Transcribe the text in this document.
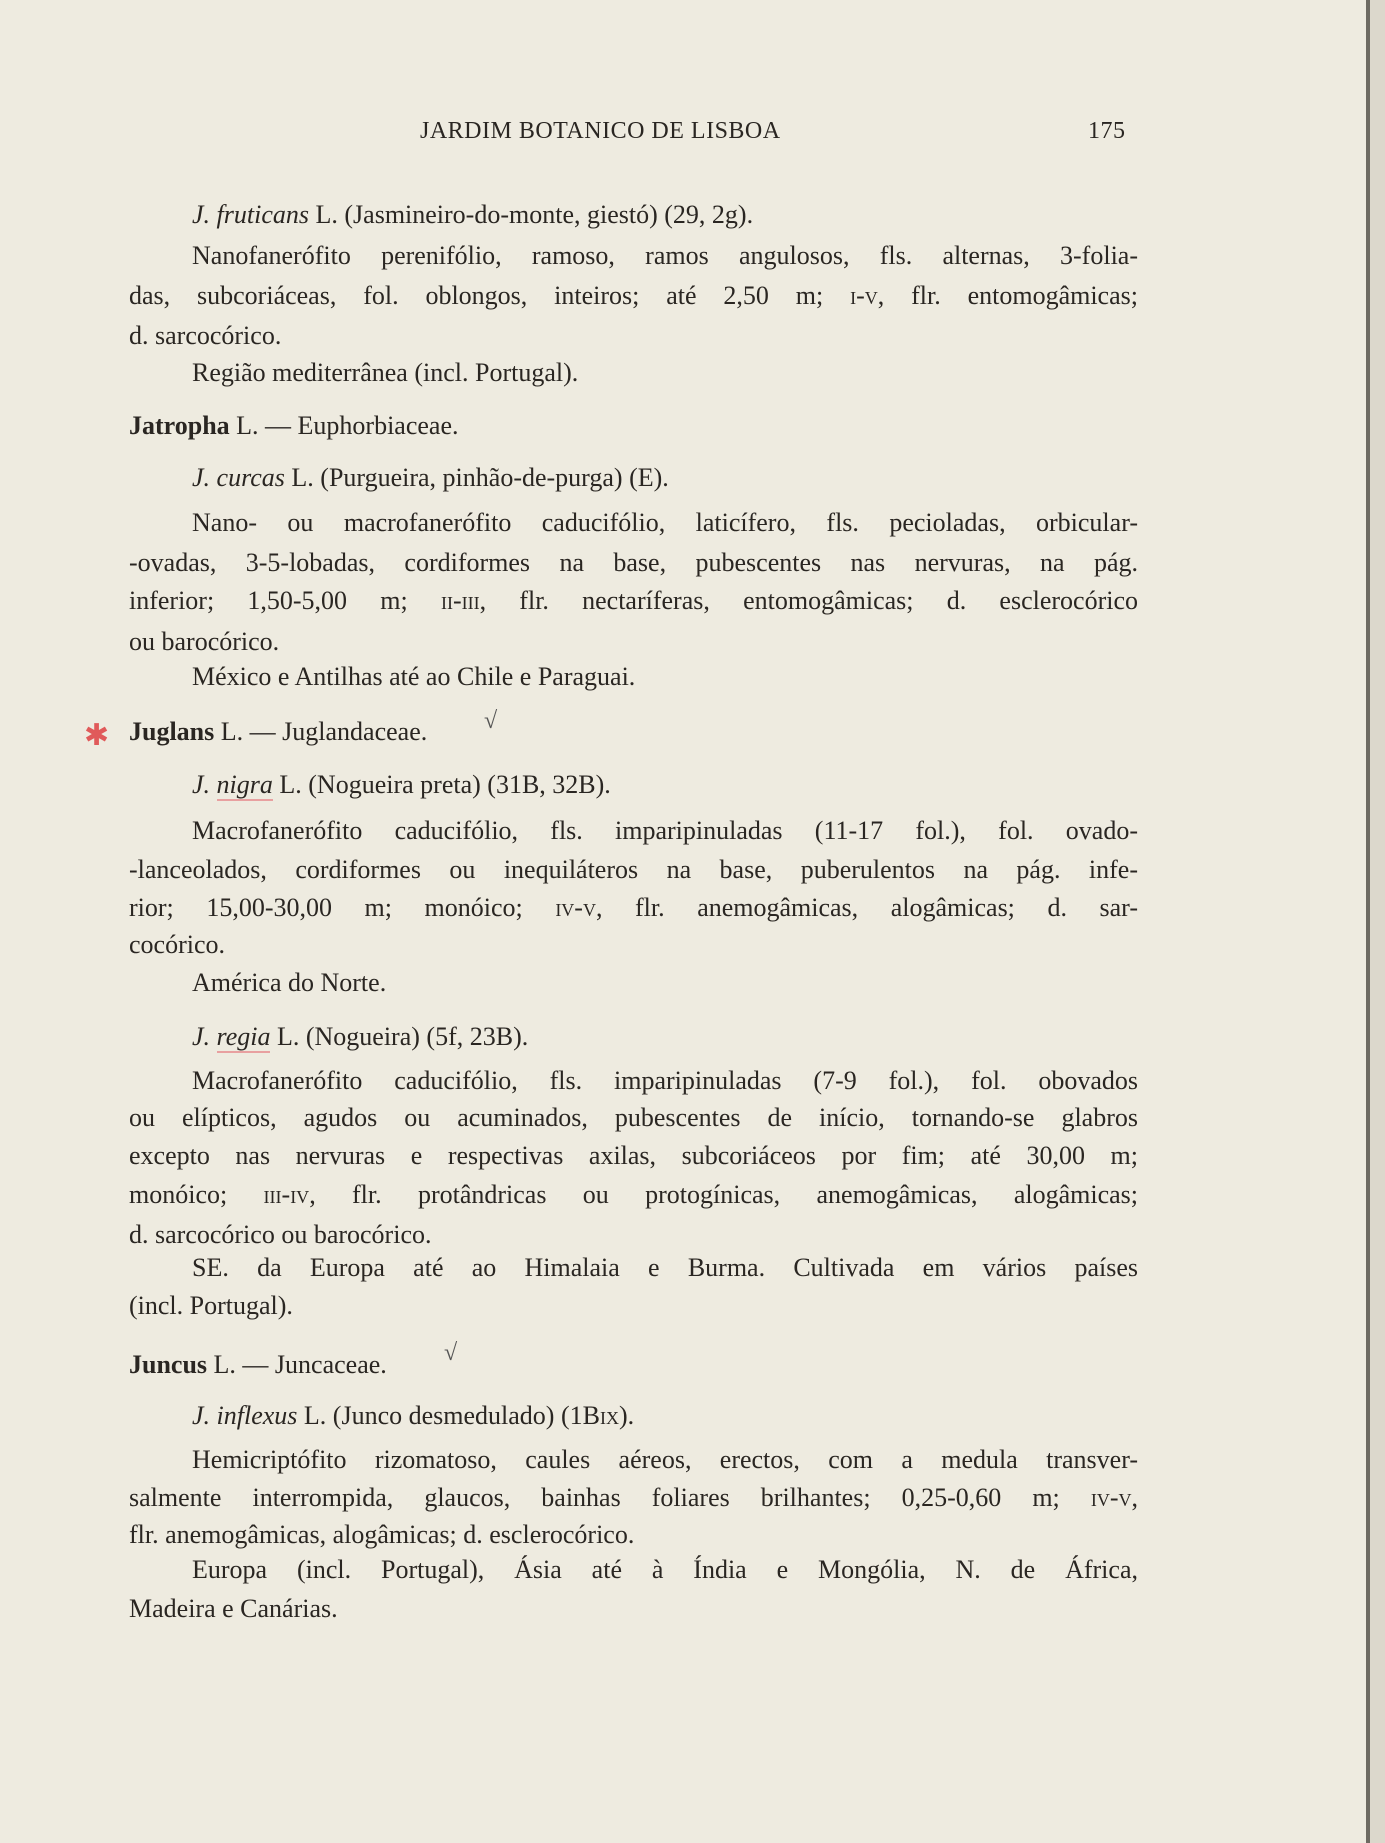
JARDIM BOTANICO DE LISBOA	175
J. fruticans L. (Jasmineiro-do-monte, giestó) (29, 2g).
Nanofanerófito perenifólio, ramoso, ramos angulosos, fls. alternas, 3-folia-
das, subcoriáceas, fol. oblongos, inteiros; até 2,50 m; i-v, flr. entomogâmicas;
d. sarcocórico.
Região mediterrânea (incl. Portugal).
Jatropha L. — Euphorbiaceae.
J. curcas L. (Purgueira, pinhão-de-purga) (E).
Nano- ou macrofanerófito caducifólio, laticífero, fls. pecioladas, orbicular-
-ovadas, 3-5-lobadas, cordiformes na base, pubescentes nas nervuras, na pág.
inferior; 1,50-5,00 m; ii-iii, flr. nectaríferas, entomogâmicas; d. esclerocórico
ou barocórico.
México e Antilhas até ao Chile e Paraguai.
Juglans L. — Juglandaceae.
J. nigra L. (Nogueira preta) (31B, 32B).
Macrofanerófito caducifólio, fls. imparipinuladas (11-17 fol.), fol. ovado-
-lanceolados, cordiformes ou inequiláteros na base, puberulentos na pág. infe-
rior; 15,00-30,00 m; monóico; iv-v, flr. anemogâmicas, alogâmicas; d. sar-
cocórico.
América do Norte.
J. regia L. (Nogueira) (5f, 23B).
Macrofanerófito caducifólio, fls. imparipinuladas (7-9 fol.), fol. obovados
ou elípticos, agudos ou acuminados, pubescentes de início, tornando-se glabros
excepto nas nervuras e respectivas axilas, subcoriáceos por fim; até 30,00 m;
monóico; iii-iv, flr. protândricas ou protogínicas, anemogâmicas, alogâmicas;
d. sarcocórico ou barocórico.
SE. da Europa até ao Himalaia e Burma. Cultivada em vários países
(incl. Portugal).
Juncus L. — Juncaceae.
J. inflexus L. (Junco desmedulado) (1Bix).
Hemicriptófito rizomatoso, caules aéreos, erectos, com a medula transver-
salmente interrompida, glaucos, bainhas foliares brilhantes; 0,25-0,60 m; iv-v,
flr. anemogâmicas, alogâmicas; d. esclerocórico.
Europa (incl. Portugal), Ásia até à Índia e Mongólia, N. de África,
Madeira e Canárias.
✱	√
√
